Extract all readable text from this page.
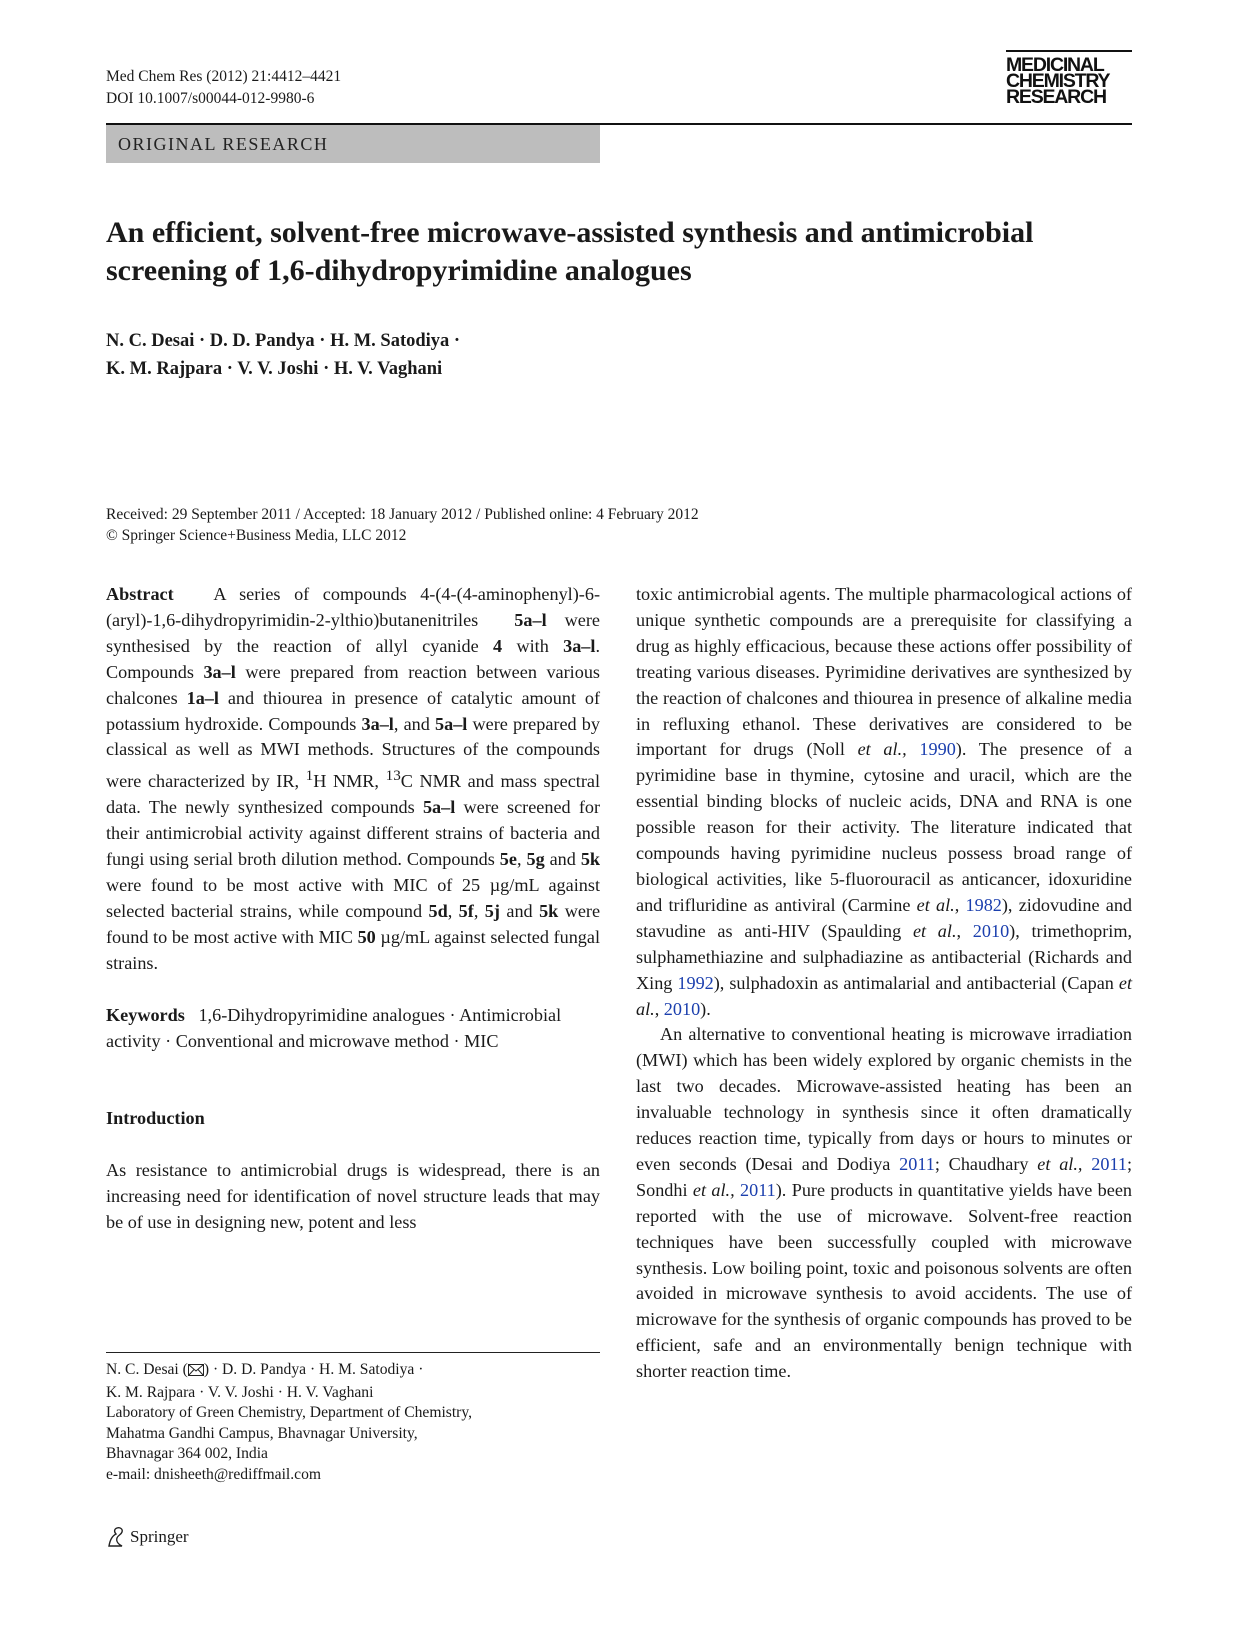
Med Chem Res (2012) 21:4412–4421
DOI 10.1007/s00044-012-9980-6
MEDICINAL
CHEMISTRY
RESEARCH
ORIGINAL RESEARCH
An efficient, solvent-free microwave-assisted synthesis and antimicrobial screening of 1,6-dihydropyrimidine analogues
N. C. Desai · D. D. Pandya · H. M. Satodiya ·
K. M. Rajpara · V. V. Joshi · H. V. Vaghani
Received: 29 September 2011 / Accepted: 18 January 2012 / Published online: 4 February 2012
© Springer Science+Business Media, LLC 2012

Abstract A series of compounds 4-(4-(4-aminophenyl)-6-(aryl)-1,6-dihydropyrimidin-2-ylthio)butanenitriles 5a–l were synthesised by the reaction of allyl cyanide 4 with 3a–l. Compounds 3a–l were prepared from reaction between various chalcones 1a–l and thiourea in presence of catalytic amount of potassium hydroxide. Compounds 3a–l, and 5a–l were prepared by classical as well as MWI methods. Structures of the compounds were characterized by IR, $^1$H NMR, $^{13}$C NMR and mass spectral data. The newly synthesized compounds 5a–l were screened for their antimicrobial activity against different strains of bacteria and fungi using serial broth dilution method. Compounds 5e, 5g and 5k were found to be most active with MIC of 25 µg/mL against selected bacterial strains, while compound 5d, 5f, 5j and 5k were found to be most active with MIC 50 µg/mL against selected fungal strains.

Keywords 1,6-Dihydropyrimidine analogues · Antimicrobial activity · Conventional and microwave method · MIC

Introduction

As resistance to antimicrobial drugs is widespread, there is an increasing need for identification of novel structure leads that may be of use in designing new, potent and less

toxic antimicrobial agents. The multiple pharmacological actions of unique synthetic compounds are a prerequisite for classifying a drug as highly efficacious, because these actions offer possibility of treating various diseases. Pyrimidine derivatives are synthesized by the reaction of chalcones and thiourea in presence of alkaline media in refluxing ethanol. These derivatives are considered to be important for drugs (Noll et al., 1990). The presence of a pyrimidine base in thymine, cytosine and uracil, which are the essential binding blocks of nucleic acids, DNA and RNA is one possible reason for their activity. The literature indicated that compounds having pyrimidine nucleus possess broad range of biological activities, like 5-fluorouracil as anticancer, idoxuridine and trifluridine as antiviral (Carmine et al., 1982), zidovudine and stavudine as anti-HIV (Spaulding et al., 2010), trimethoprim, sulphamethiazine and sulphadiazine as antibacterial (Richards and Xing 1992), sulphadoxin as antimalarial and antibacterial (Capan et al., 2010).

An alternative to conventional heating is microwave irradiation (MWI) which has been widely explored by organic chemists in the last two decades. Microwave-assisted heating has been an invaluable technology in synthesis since it often dramatically reduces reaction time, typically from days or hours to minutes or even seconds (Desai and Dodiya 2011; Chaudhary et al., 2011; Sondhi et al., 2011). Pure products in quantitative yields have been reported with the use of microwave. Solvent-free reaction techniques have been successfully coupled with microwave synthesis. Low boiling point, toxic and poisonous solvents are often avoided in microwave synthesis to avoid accidents. The use of microwave for the synthesis of organic compounds has proved to be efficient, safe and an environmentally benign technique with shorter reaction time.

N. C. Desai ( ) · D. D. Pandya · H. M. Satodiya ·
K. M. Rajpara · V. V. Joshi · H. V. Vaghani
Laboratory of Green Chemistry, Department of Chemistry,
Mahatma Gandhi Campus, Bhavnagar University,
Bhavnagar 364 002, India
e-mail: dnisheeth@rediffmail.com
Springer
